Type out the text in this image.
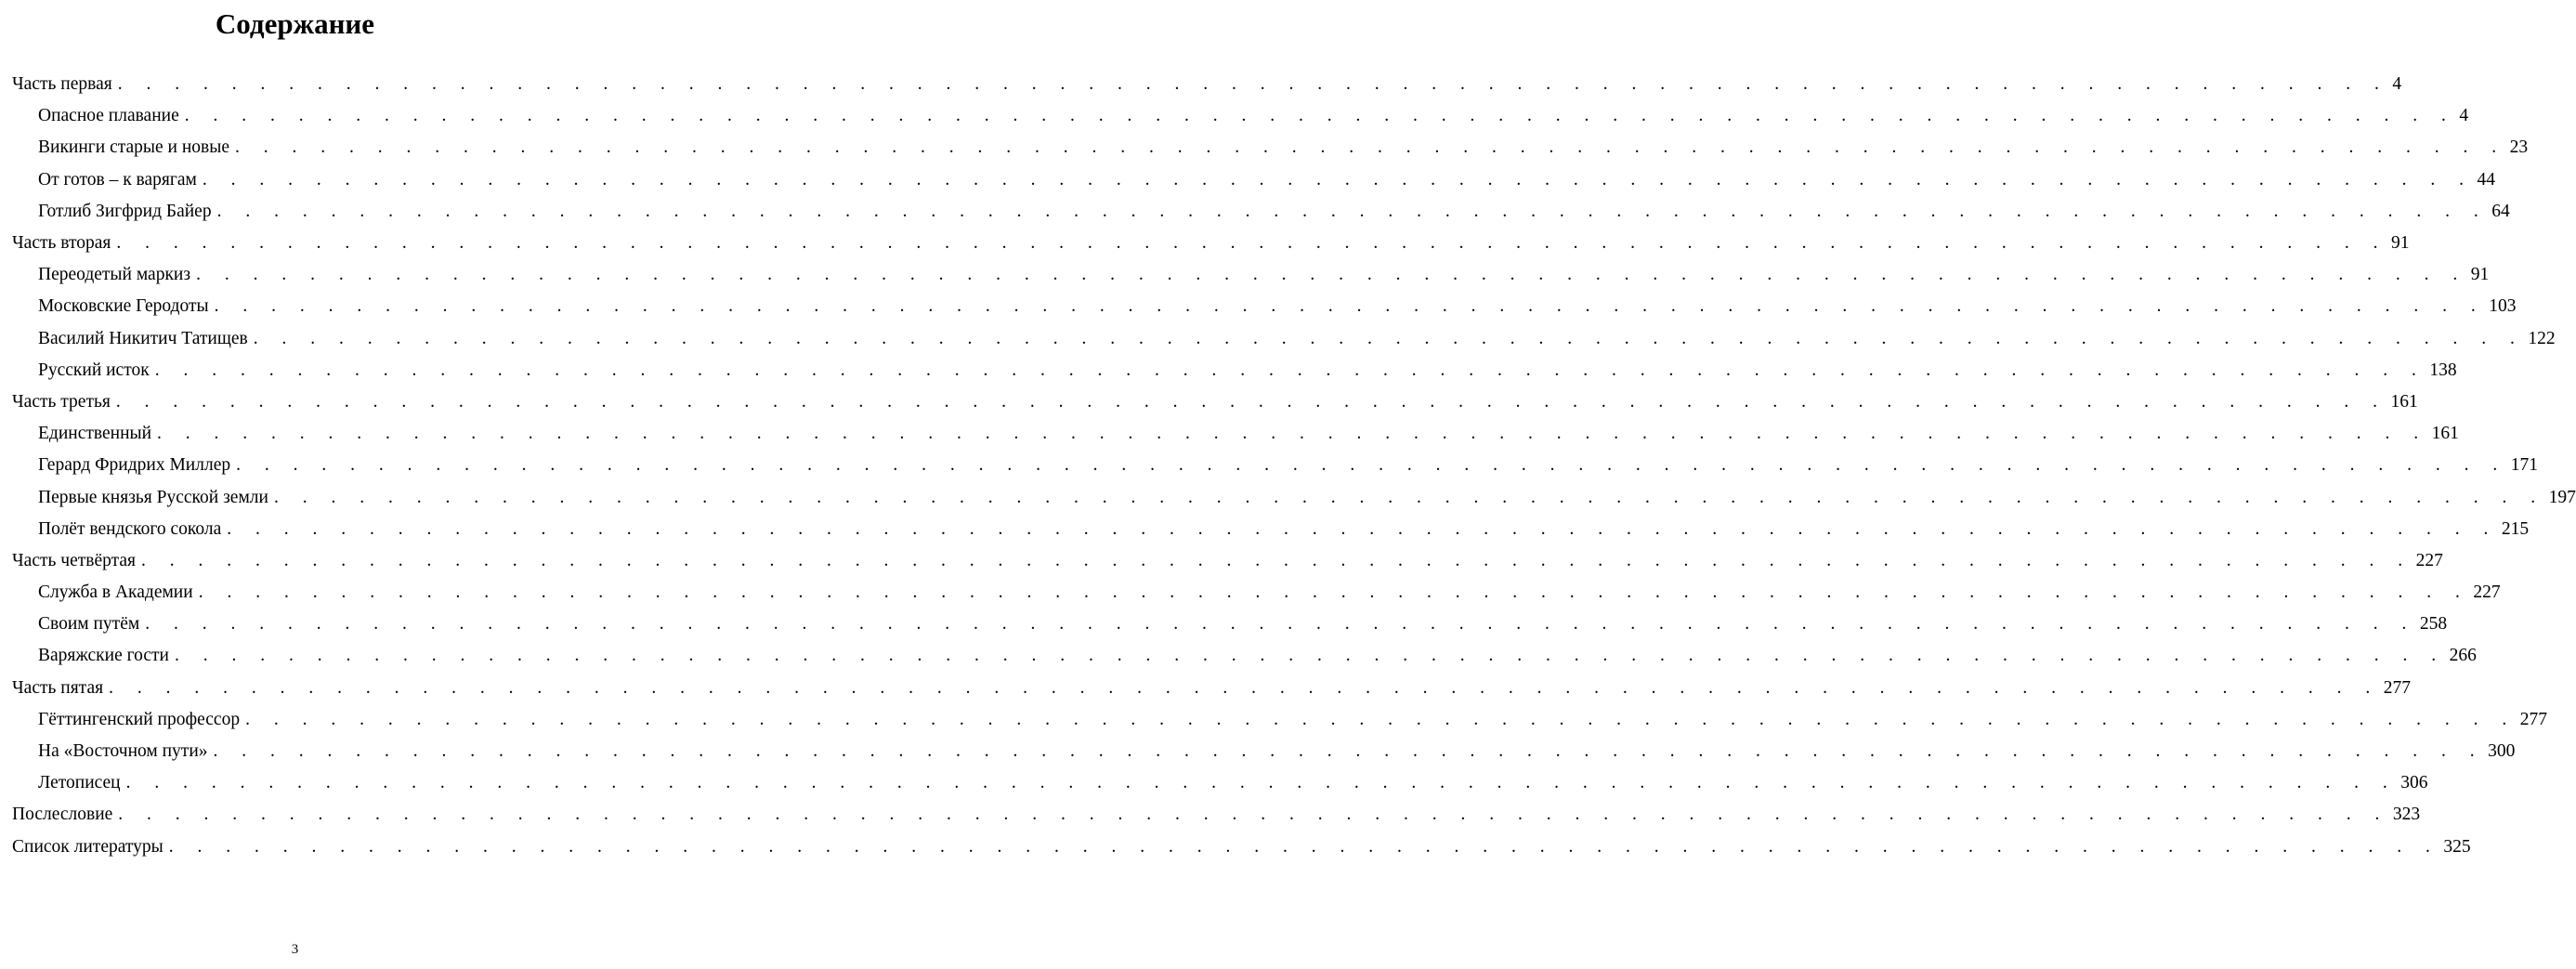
Содержание
Часть первая . . . . . . . . . . . . . . . . . . . . . . . . . . . . . . . . . . . . . . . . . . . . . . . . . . . . . . . . . . . . . . . . . . . . . . . . . . . . . . . . 4
Опасное плавание . . . . . . . . . . . . . . . . . . . . . . . . . . . . . . . . . . . . . . . . . . . . . . . . . . . . . . . . . . . . . . . . . . . . . . . . . . . . . . . . 4
Викинги старые и новые . . . . . . . . . . . . . . . . . . . . . . . . . . . . . . . . . . . . . . . . . . . . . . . . . . . . . . . . . . . . . . . . . . . . . . . . . . . . . . . . 23
От готов – к варягам . . . . . . . . . . . . . . . . . . . . . . . . . . . . . . . . . . . . . . . . . . . . . . . . . . . . . . . . . . . . . . . . . . . . . . . . . . . . . . . . 44
Готлиб Зигфрид Байер . . . . . . . . . . . . . . . . . . . . . . . . . . . . . . . . . . . . . . . . . . . . . . . . . . . . . . . . . . . . . . . . . . . . . . . . . . . . . . . . 64
Часть вторая . . . . . . . . . . . . . . . . . . . . . . . . . . . . . . . . . . . . . . . . . . . . . . . . . . . . . . . . . . . . . . . . . . . . . . . . . . . . . . . . 91
Переодетый маркиз . . . . . . . . . . . . . . . . . . . . . . . . . . . . . . . . . . . . . . . . . . . . . . . . . . . . . . . . . . . . . . . . . . . . . . . . . . . . . . . . 91
Московские Геродоты . . . . . . . . . . . . . . . . . . . . . . . . . . . . . . . . . . . . . . . . . . . . . . . . . . . . . . . . . . . . . . . . . . . . . . . . . . . . . . . . 103
Василий Никитич Татищев . . . . . . . . . . . . . . . . . . . . . . . . . . . . . . . . . . . . . . . . . . . . . . . . . . . . . . . . . . . . . . . . . . . . . . . . . . . . . . . . 122
Русский исток . . . . . . . . . . . . . . . . . . . . . . . . . . . . . . . . . . . . . . . . . . . . . . . . . . . . . . . . . . . . . . . . . . . . . . . . . . . . . . . . 138
Часть третья . . . . . . . . . . . . . . . . . . . . . . . . . . . . . . . . . . . . . . . . . . . . . . . . . . . . . . . . . . . . . . . . . . . . . . . . . . . . . . . . 161
Единственный . . . . . . . . . . . . . . . . . . . . . . . . . . . . . . . . . . . . . . . . . . . . . . . . . . . . . . . . . . . . . . . . . . . . . . . . . . . . . . . . 161
Герард Фридрих Миллер . . . . . . . . . . . . . . . . . . . . . . . . . . . . . . . . . . . . . . . . . . . . . . . . . . . . . . . . . . . . . . . . . . . . . . . . . . . . . . . . 171
Первые князья Русской земли . . . . . . . . . . . . . . . . . . . . . . . . . . . . . . . . . . . . . . . . . . . . . . . . . . . . . . . . . . . . . . . . . . . . . . . . . . . . . . . . 197
Полёт вендского сокола . . . . . . . . . . . . . . . . . . . . . . . . . . . . . . . . . . . . . . . . . . . . . . . . . . . . . . . . . . . . . . . . . . . . . . . . . . . . . . . . 215
Часть четвёртая . . . . . . . . . . . . . . . . . . . . . . . . . . . . . . . . . . . . . . . . . . . . . . . . . . . . . . . . . . . . . . . . . . . . . . . . . . . . . . . . 227
Служба в Академии . . . . . . . . . . . . . . . . . . . . . . . . . . . . . . . . . . . . . . . . . . . . . . . . . . . . . . . . . . . . . . . . . . . . . . . . . . . . . . . . 227
Своим путём . . . . . . . . . . . . . . . . . . . . . . . . . . . . . . . . . . . . . . . . . . . . . . . . . . . . . . . . . . . . . . . . . . . . . . . . . . . . . . . . 258
Варяжские гости . . . . . . . . . . . . . . . . . . . . . . . . . . . . . . . . . . . . . . . . . . . . . . . . . . . . . . . . . . . . . . . . . . . . . . . . . . . . . . . . 266
Часть пятая . . . . . . . . . . . . . . . . . . . . . . . . . . . . . . . . . . . . . . . . . . . . . . . . . . . . . . . . . . . . . . . . . . . . . . . . . . . . . . . . 277
Гёттингенский профессор . . . . . . . . . . . . . . . . . . . . . . . . . . . . . . . . . . . . . . . . . . . . . . . . . . . . . . . . . . . . . . . . . . . . . . . . . . . . . . . . 277
На «Восточном пути» . . . . . . . . . . . . . . . . . . . . . . . . . . . . . . . . . . . . . . . . . . . . . . . . . . . . . . . . . . . . . . . . . . . . . . . . . . . . . . . . 300
Летописец . . . . . . . . . . . . . . . . . . . . . . . . . . . . . . . . . . . . . . . . . . . . . . . . . . . . . . . . . . . . . . . . . . . . . . . . . . . . . . . . 306
Послесловие . . . . . . . . . . . . . . . . . . . . . . . . . . . . . . . . . . . . . . . . . . . . . . . . . . . . . . . . . . . . . . . . . . . . . . . . . . . . . . . . 323
Список литературы . . . . . . . . . . . . . . . . . . . . . . . . . . . . . . . . . . . . . . . . . . . . . . . . . . . . . . . . . . . . . . . . . . . . . . . . . . . . . . . . 325
3
